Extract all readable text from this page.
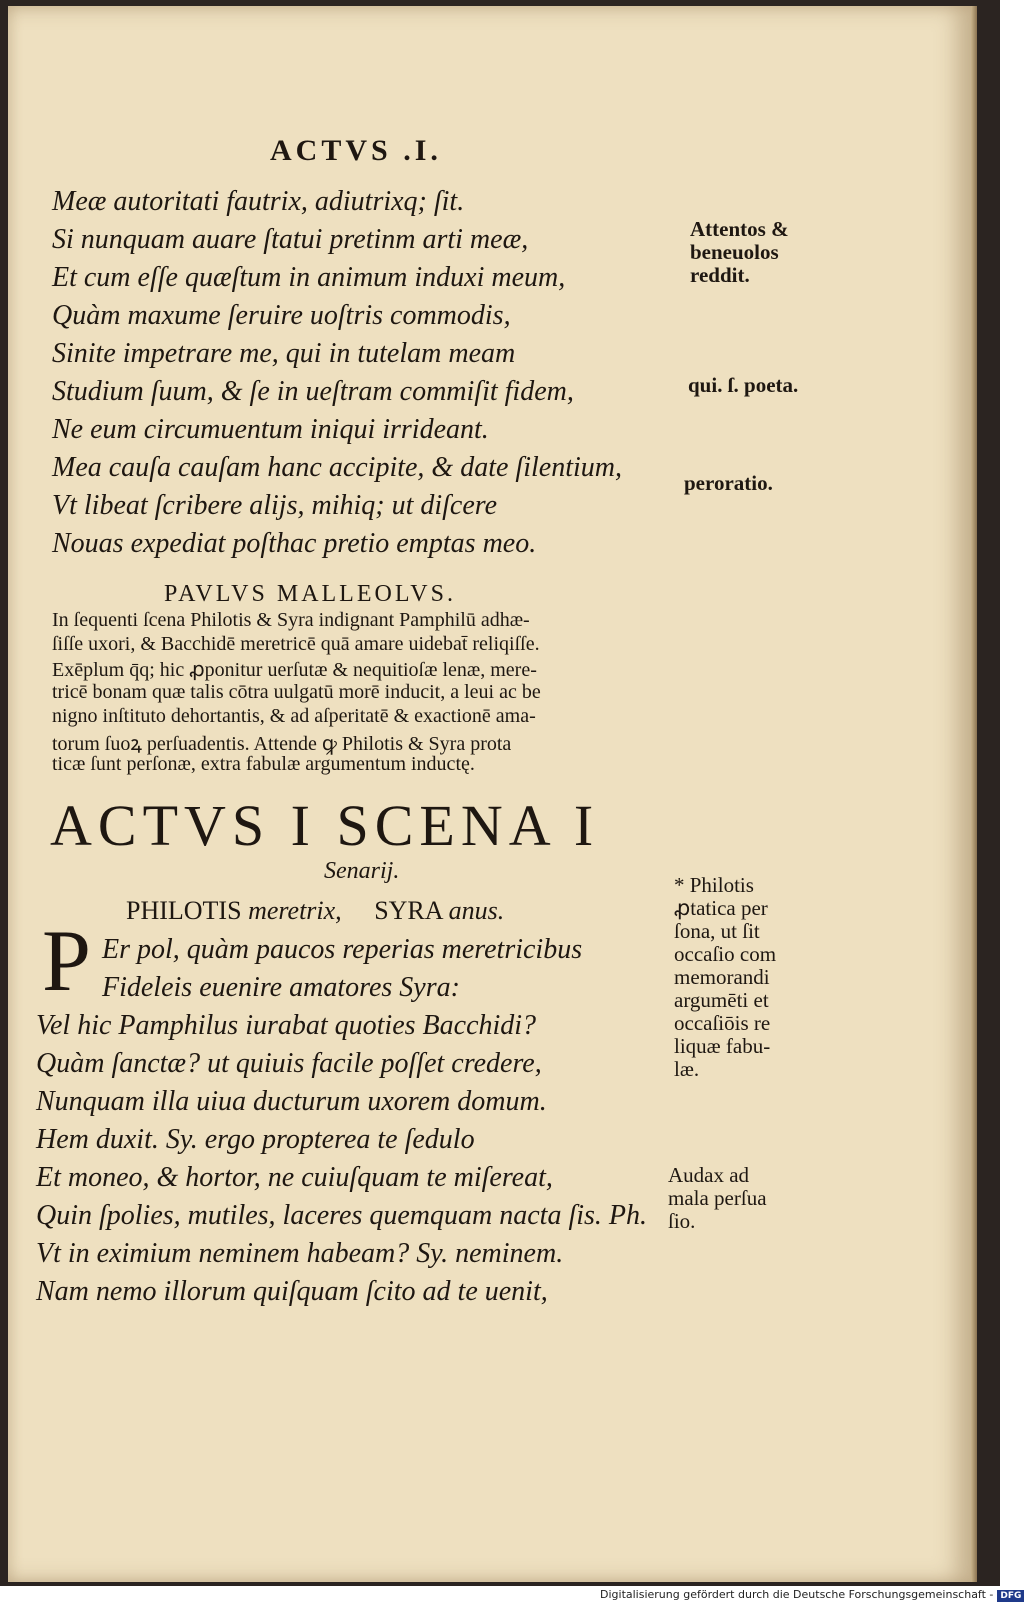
ACTVS .I.
Meæ autoritati fautrix, adiutrixq; ſit.
Si nunquam auare ſtatui pretinm arti meæ,
Et cum eſſe quæſtum in animum induxi meum,
Quàm maxume ſeruire uoſtris commodis,
Sinite impetrare me, qui in tutelam meam
Studium ſuum, & ſe in ueſtram commiſit fidem,
Ne eum circumuentum iniqui irrideant.
Mea cauſa cauſam hanc accipite, & date ſilentium,
Vt libeat ſcribere alijs, mihiq; ut diſcere
Nouas expediat poſthac pretio emptas meo.
PAVLVS MALLEOLVS.
In ſequenti ſcena Philotis & Syra indignant Pamphilū adhæ-
ſiſſe uxori, & Bacchidē meretricē quā amare uidebat̄ reliqiſſe.
Exēplum q̄q; hic ꝓponitur uerſutæ & nequitioſæ lenæ, mere-
tricē bonam quæ talis cōtra uulgatū morē inducit, a leui ac be
nigno inſtituto dehortantis, & ad aſperitatē & exactionē ama-
torum ſuoꝝ perſuadentis. Attende ꝙ Philotis & Syra prota
ticæ ſunt perſonæ, extra fabulæ argumentum inductę.
ACTVS I SCENA I
Senarij.
PHILOTIS meretrix, SYRA anus.
P Er pol, quàm paucos reperias meretricibus
Fideleis euenire amatores Syra:
Vel hic Pamphilus iurabat quoties Bacchidi?
Quàm ſanctæ? ut quiuis facile poſſet credere,
Nunquam illa uiua ducturum uxorem domum.
Hem duxit. Sy. ergo propterea te ſedulo
Et moneo, & hortor, ne cuiuſquam te miſereat,
Quin ſpolies, mutiles, laceres quemquam nacta ſis. Ph.
Vt in eximium neminem habeam? Sy. neminem.
Nam nemo illorum quiſquam ſcito ad te uenit,
Attentos &
beneuolos
reddit.
qui. ſ. poeta.
peroratio.
* Philotis
ꝓtatica per
ſona, ut ſit
occaſio com
memorandi
argumēti et
occaſiōis re
liquæ fabu-
læ.
Audax ad
mala perſua
ſio.
Digitalisierung gefördert durch die Deutsche Forschungsgemeinschaft - DFG
